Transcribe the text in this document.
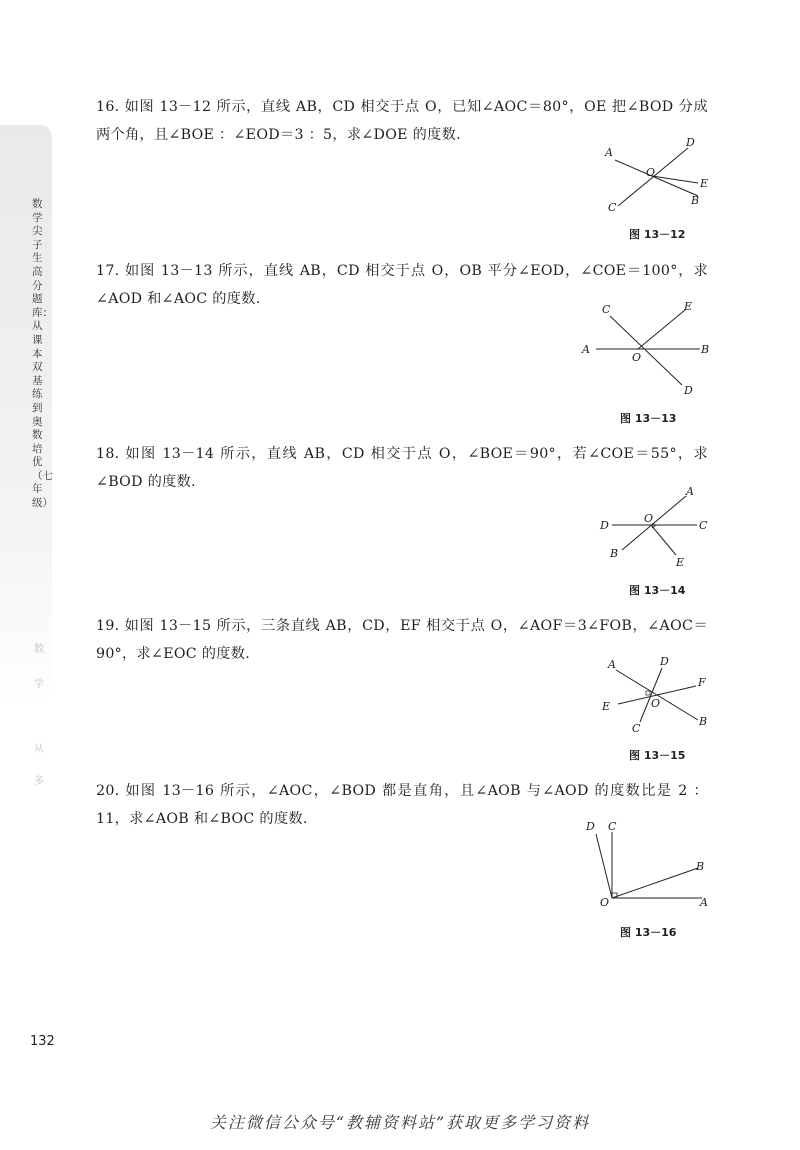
数学尖子生高分题库：从课本双基练到奥数培优（七年级）
数
学
从
多
16. 如图 13－12 所示，直线 AB，CD 相交于点 O，已知∠AOC＝80°，OE 把∠BOD 分成两个角，且∠BOE ：∠EOD＝3 ：5，求∠DOE 的度数.
A
D
O
E
B
C
图 13－12
17. 如图 13－13 所示，直线 AB，CD 相交于点 O，OB 平分∠EOD，∠COE＝100°，求∠AOD 和∠AOC 的度数.
C	E
A
O
B
D
图 13－13
18. 如图 13－14 所示，直线 AB，CD 相交于点 O，∠BOE＝90°，若∠COE＝55°，求∠BOD 的度数.
A
D
O
C
B
E
图 13－14
19. 如图 13－15 所示，三条直线 AB，CD，EF 相交于点 O，∠AOF＝3∠FOB，∠AOC＝90°，求∠EOC 的度数.
A	D
F
E	O
B
C
图 13－15
20. 如图 13－16 所示，∠AOC，∠BOD 都是直角，且∠AOB 与∠AOD 的度数比是 2 ：11，求∠AOB 和∠BOC 的度数.	D C
B
O	A
图 13－16
132
关注微信公众号“教辅资料站”获取更多学习资料
